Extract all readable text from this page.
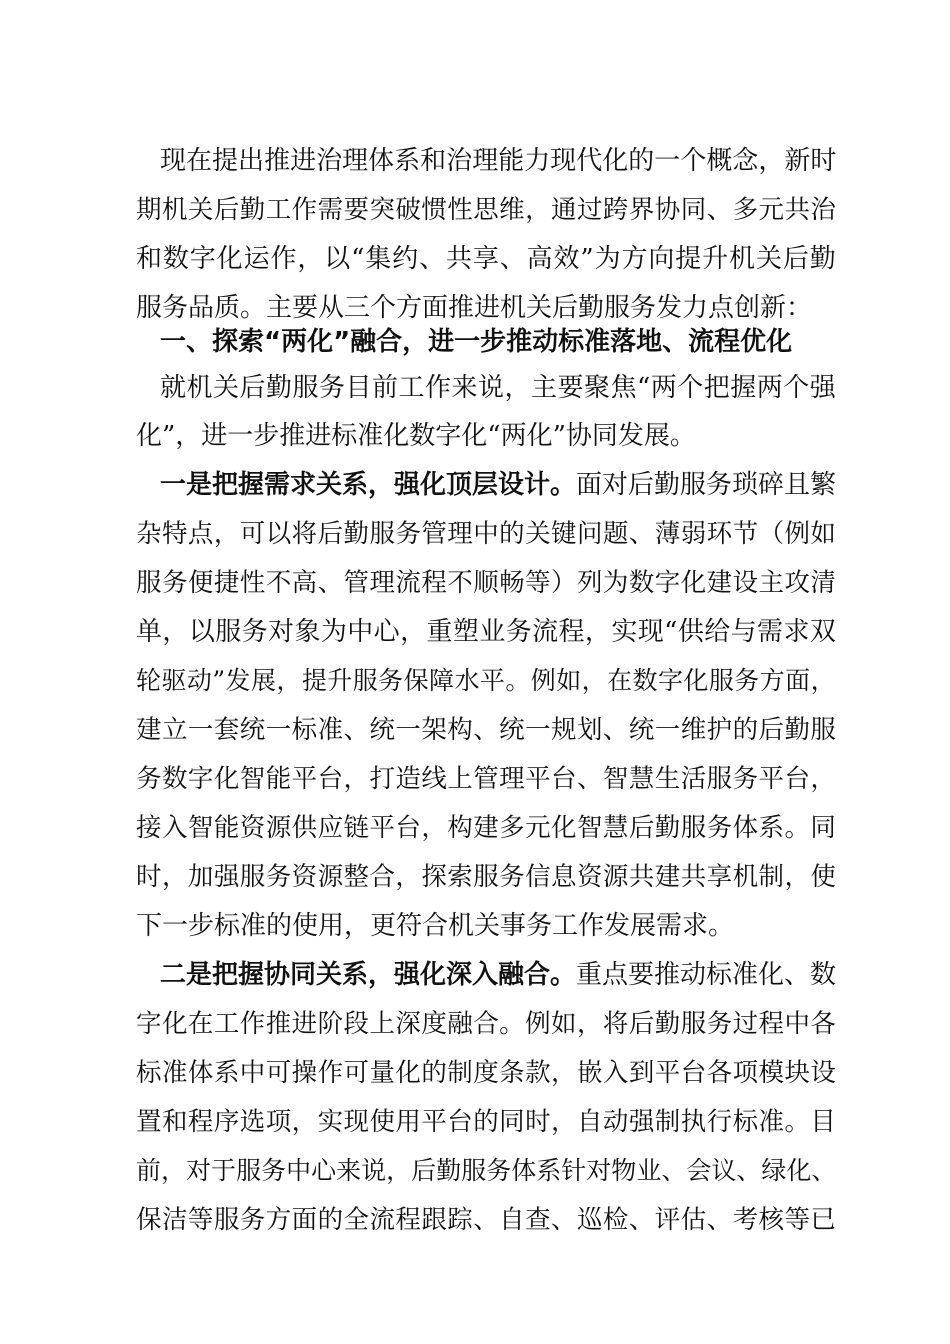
现 在 提 出 推 进 治 理 体 系 和 治 理 能 力 现 代 化 的 一 个 概 念 ， 新 时
期 机 关 后 勤 工 作 需 要 突 破 惯 性 思 维 ， 通 过 跨 界 协 同 、 多 元 共 治
和 数 字 化 运 作 ， 以 “ 集 约 、 共 享 、 高 效 ” 为 方 向 提 升 机 关 后 勤
服务品质。主要从三个方面推进机关后勤服务发力点创新：
一、探索“两化”融合，进一步推动标准落地、流程优化
就 机 关 后 勤 服 务 目 前 工 作 来 说 ， 主 要 聚 焦 “ 两 个 把 握 两 个 强
化”，进一步推进标准化数字化“两化”协同发展。
一是把握需求关系，强化顶层设计。 面对后勤服务琐碎且繁
杂 特 点 ， 可 以 将 后 勤 服 务 管 理 中 的 关 键 问 题 、 薄 弱 环 节 （ 例 如
服 务 便 捷 性 不 高 、 管 理 流 程 不 顺 畅 等 ） 列 为 数 字 化 建 设 主 攻 清
单 ， 以 服 务 对 象 为 中 心 ， 重 塑 业 务 流 程 ， 实 现 “ 供 给 与 需 求 双
轮 驱 动 ” 发 展 ， 提 升 服 务 保 障 水 平 。 例 如 ， 在 数 字 化 服 务 方 面 ，
建 立 一 套 统 一 标 准 、 统 一 架 构 、 统 一 规 划 、 统 一 维 护 的 后 勤 服
务 数 字 化 智 能 平 台 ， 打 造 线 上 管 理 平 台 、 智 慧 生 活 服 务 平 台 ，
接 入 智 能 资 源 供 应 链 平 台 ， 构 建 多 元 化 智 慧 后 勤 服 务 体 系 。 同
时 ， 加 强 服 务 资 源 整 合 ， 探 索 服 务 信 息 资 源 共 建 共 享 机 制 ， 使
下一步标准的使用，更符合机关事务工作发展需求。
二是把握协同关系，强化深入融合。 重点要推动标准化、数
字 化 在 工 作 推 进 阶 段 上 深 度 融 合 。 例 如 ， 将 后 勤 服 务 过 程 中 各
标 准 体 系 中 可 操 作 可 量 化 的 制 度 条 款 ， 嵌 入 到 平 台 各 项 模 块 设
置 和 程 序 选 项 ， 实 现 使 用 平 台 的 同 时 ， 自 动 强 制 执 行 标 准 。 目
前 ， 对 于 服 务 中 心 来 说 ， 后 勤 服 务 体 系 针 对 物 业 、 会 议 、 绿 化 、
保 洁 等 服 务 方 面 的 全 流 程 跟 踪 、 自 查 、 巡 检 、 评 估 、 考 核 等 已
